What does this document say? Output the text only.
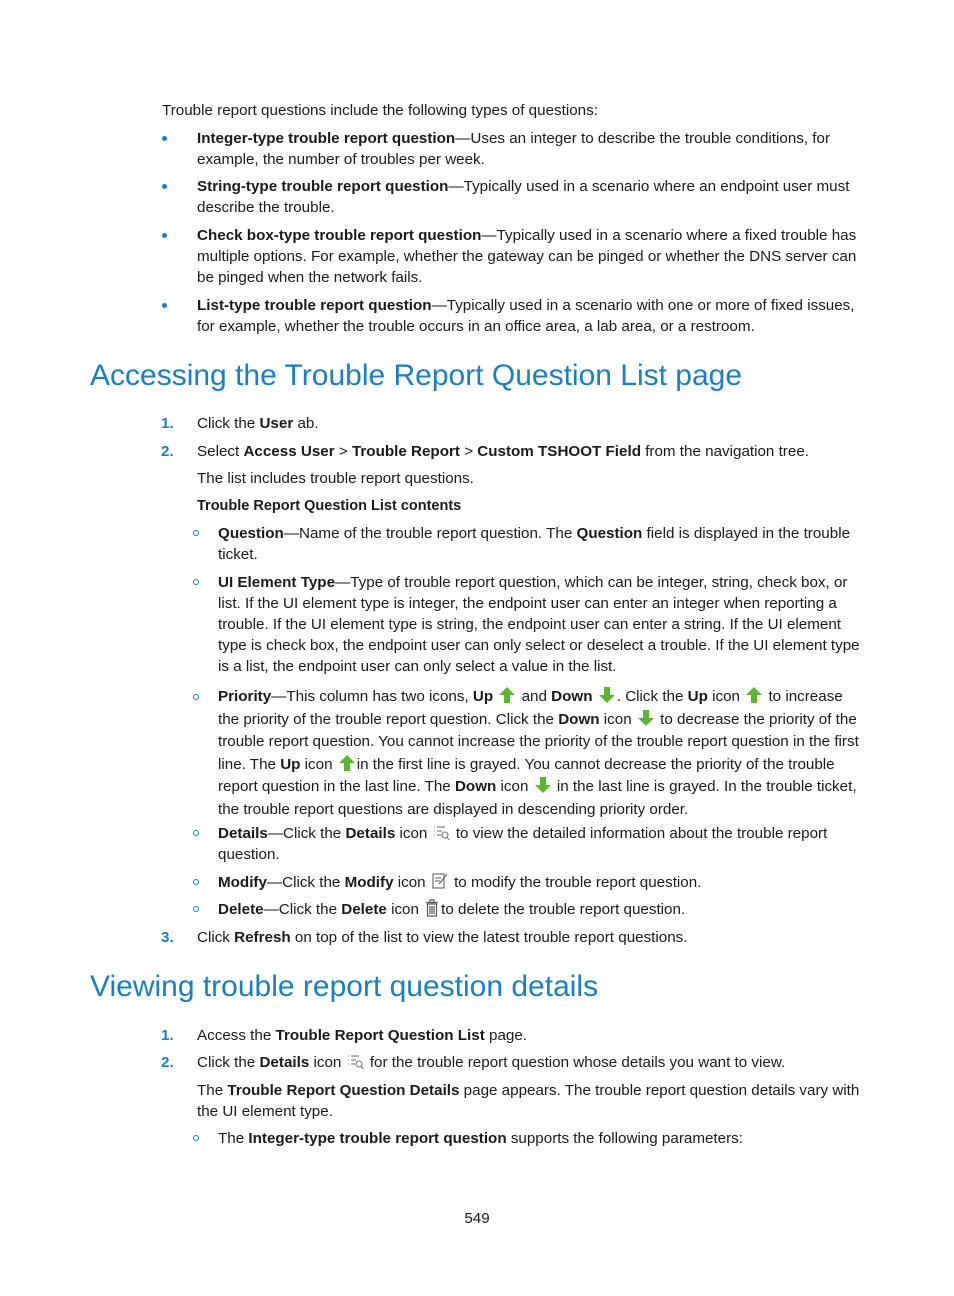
Trouble report questions include the following types of questions:

Integer-type trouble report question—Uses an integer to describe the trouble conditions, for example, the number of troubles per week.

String-type trouble report question—Typically used in a scenario where an endpoint user must describe the trouble.

Check box-type trouble report question—Typically used in a scenario where a fixed trouble has multiple options. For example, whether the gateway can be pinged or whether the DNS server can be pinged when the network fails.

List-type trouble report question—Typically used in a scenario with one or more of fixed issues, for example, whether the trouble occurs in an office area, a lab area, or a restroom.

Accessing the Trouble Report Question List page

1. Click the User ab.

2. Select Access User > Trouble Report > Custom TSHOOT Field from the navigation tree.

The list includes trouble report questions.

Trouble Report Question List contents

Question—Name of the trouble report question. The Question field is displayed in the trouble ticket.

UI Element Type—Type of trouble report question, which can be integer, string, check box, or list. If the UI element type is integer, the endpoint user can enter an integer when reporting a trouble. If the UI element type is string, the endpoint user can enter a string. If the UI element type is check box, the endpoint user can only select or deselect a trouble. If the UI element type is a list, the endpoint user can only select a value in the list.

Priority—This column has two icons, Up  and Down . Click the Up icon  to increase the priority of the trouble report question. Click the Down icon  to decrease the priority of the trouble report question. You cannot increase the priority of the trouble report question in the first line. The Up icon in the first line is grayed. You cannot decrease the priority of the trouble report question in the last line. The Down icon  in the last line is grayed. In the trouble ticket, the trouble report questions are displayed in descending priority order.

Details—Click the Details icon  to view the detailed information about the trouble report question.

Modify—Click the Modify icon  to modify the trouble report question.

Delete—Click the Delete icon to delete the trouble report question.

3. Click Refresh on top of the list to view the latest trouble report questions.

Viewing trouble report question details

1. Access the Trouble Report Question List page.

2. Click the Details icon  for the trouble report question whose details you want to view.

The Trouble Report Question Details page appears. The trouble report question details vary with the UI element type.

The Integer-type trouble report question supports the following parameters:

549
